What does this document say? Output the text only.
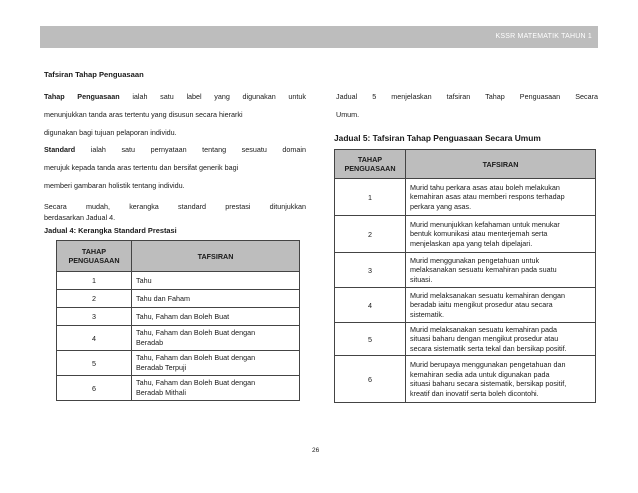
KSSR MATEMATIK TAHUN 1
Tafsiran Tahap Penguasaan
Tahap Penguasaan ialah satu label yang digunakan untuk
menunjukkan tanda aras tertentu yang disusun secara hierarki
digunakan bagi tujuan pelaporan individu.
Standard ialah satu pernyataan tentang sesuatu domain
merujuk kepada tanda aras tertentu dan bersifat generik bagi
memberi gambaran holistik tentang individu.
Secara mudah, kerangka standard prestasi ditunjukkan
berdasarkan Jadual 4.
Jadual 4: Kerangka Standard Prestasi
TAHAP
PENGUASAAN	TAFSIRAN
1	Tahu

2	Tahu dan Faham

3	Tahu, Faham dan Boleh Buat

4	Tahu, Faham dan Boleh Buat dengan
Beradab

5	Tahu, Faham dan Boleh Buat dengan
Beradab Terpuji

6	Tahu, Faham dan Boleh Buat dengan
Beradab Mithali
Jadual 5 menjelaskan tafsiran Tahap Penguasaan Secara
Umum.
Jadual 5: Tafsiran Tahap Penguasaan Secara Umum
TAHAP
PENGUASAAN	TAFSIRAN
1	Murid tahu perkara asas atau boleh melakukan
kemahiran asas atau memberi respons terhadap
perkara yang asas.

2	Murid menunjukkan kefahaman untuk menukar
bentuk komunikasi atau menterjemah serta
menjelaskan apa yang telah dipelajari.

3	Murid menggunakan pengetahuan untuk
melaksanakan sesuatu kemahiran pada suatu
situasi.

4	Murid melaksanakan sesuatu kemahiran dengan
beradab iaitu mengikut prosedur atau secara
sistematik.

5	Murid melaksanakan sesuatu kemahiran pada
situasi baharu dengan mengikut prosedur atau
secara sistematik serta tekal dan bersikap positif.

6	Murid berupaya menggunakan pengetahuan dan
kemahiran sedia ada untuk digunakan pada
situasi baharu secara sistematik, bersikap positif,
kreatif dan inovatif serta boleh dicontohi.
26
